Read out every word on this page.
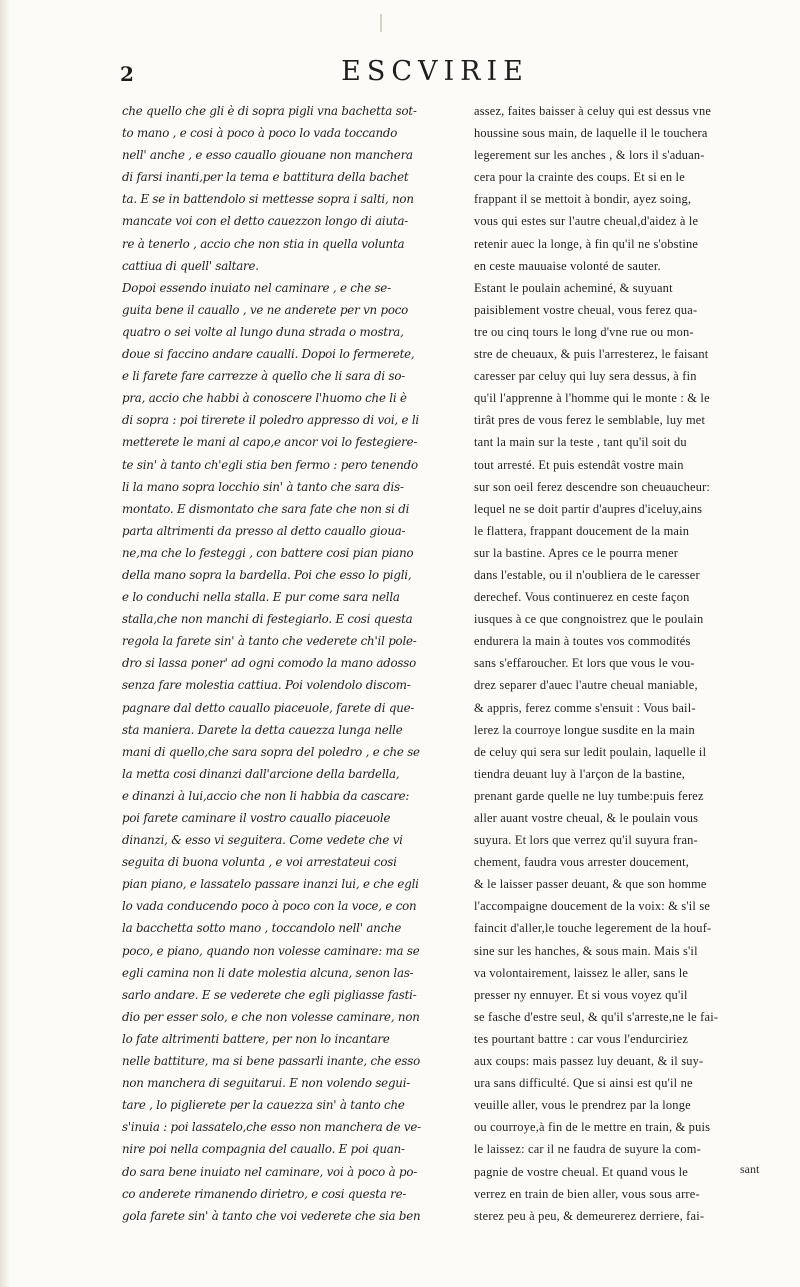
2	ESCVIRIE
che quello che gli è di sopra pigli vna bachetta sot-
to mano , e cosi à poco à poco lo vada toccando
nell' anche , e esso cauallo giouane non manchera
di farsi inanti,per la tema e battitura della bachet
ta. E se in battendolo si mettesse sopra i salti, non
mancate voi con el detto cauezzon longo di aiuta-
re à tenerlo , accio che non stia in quella volunta
cattiua di quell' saltare.
Dopoi essendo inuiato nel caminare , e che se-
guita bene il cauallo , ve ne anderete per vn poco
quatro o sei volte al lungo duna strada o mostra,
doue si faccino andare caualli. Dopoi lo fermerete,
e li farete fare carrezze à quello che li sara di so-
pra, accio che habbi à conoscere l'huomo che li è
di sopra : poi tirerete il poledro appresso di voi, e li
metterete le mani al capo,e ancor voi lo festegiere-
te sin' à tanto ch'egli stia ben fermo : pero tenendo
li la mano sopra locchio sin' à tanto che sara dis-
montato. E dismontato che sara fate che non si di
parta altrimenti da presso al detto cauallo gioua-
ne,ma che lo festeggi , con battere cosi pian piano
della mano sopra la bardella. Poi che esso lo pigli,
e lo conduchi nella stalla. E pur come sara nella
stalla,che non manchi di festegiarlo. E cosi questa
regola la farete sin' à tanto che vederete ch'il pole-
dro si lassa poner' ad ogni comodo la mano adosso
senza fare molestia cattiua. Poi volendolo discom-
pagnare dal detto cauallo piaceuole, farete di que-
sta maniera. Darete la detta cauezza lunga nelle
mani di quello,che sara sopra del poledro , e che se
la metta cosi dinanzi dall'arcione della bardella,
e dinanzi à lui,accio che non li habbia da cascare:
poi farete caminare il vostro cauallo piaceuole
dinanzi, & esso vi seguitera. Come vedete che vi
seguita di buona volunta , e voi arrestateui cosi
pian piano, e lassatelo passare inanzi lui, e che egli
lo vada conducendo poco à poco con la voce, e con
la bacchetta sotto mano , toccandolo nell' anche
poco, e piano, quando non volesse caminare: ma se
egli camina non li date molestia alcuna, senon las-
sarlo andare. E se vederete che egli pigliasse fasti-
dio per esser solo, e che non volesse caminare, non
lo fate altrimenti battere, per non lo incantare
nelle battiture, ma si bene passarli inante, che esso
non manchera di seguitarui. E non volendo segui-
tare , lo piglierete per la cauezza sin' à tanto che
s'inuia : poi lassatelo,che esso non manchera de ve-
nire poi nella compagnia del cauallo. E poi quan-
do sara bene inuiato nel caminare, voi à poco à po-
co anderete rimanendo dirietro, e cosi questa re-
gola farete sin' à tanto che voi vederete che sia ben
assez, faites baisser à celuy qui est dessus vne
houssine sous main, de laquelle il le touchera
legerement sur les anches , & lors il s'aduan-
cera pour la crainte des coups. Et si en le
frappant il se mettoit à bondir, ayez soing,
vous qui estes sur l'autre cheual,d'aidez à le
retenir auec la longe, à fin qu'il ne s'obstine
en ceste mauuaise volonté de sauter.
Estant le poulain acheminé, & suyuant
paisiblement vostre cheual, vous ferez qua-
tre ou cinq tours le long d'vne rue ou mon-
stre de cheuaux, & puis l'arresterez, le faisant
caresser par celuy qui luy sera dessus, à fin
qu'il l'apprenne à l'homme qui le monte : & le
tirât pres de vous ferez le semblable, luy met
tant la main sur la teste , tant qu'il soit du
tout arresté. Et puis estendât vostre main
sur son oeil ferez descendre son cheuaucheur:
lequel ne se doit partir d'aupres d'iceluy,ains
le flattera, frappant doucement de la main
sur la bastine. Apres ce le pourra mener
dans l'estable, ou il n'oubliera de le caresser
derechef. Vous continuerez en ceste façon
iusques à ce que congnoistrez que le poulain
endurera la main à toutes vos commodités
sans s'effaroucher. Et lors que vous le vou-
drez separer d'auec l'autre cheual maniable,
& appris, ferez comme s'ensuit : Vous bail-
lerez la courroye longue susdite en la main
de celuy qui sera sur ledit poulain, laquelle il
tiendra deuant luy à l'arçon de la bastine,
prenant garde quelle ne luy tumbe:puis ferez
aller auant vostre cheual, & le poulain vous
suyura. Et lors que verrez qu'il suyura fran-
chement, faudra vous arrester doucement,
& le laisser passer deuant, & que son homme
l'accompaigne doucement de la voix: & s'il se
faincit d'aller,le touche legerement de la houf-
sine sur les hanches, & sous main. Mais s'il
va volontairement, laissez le aller, sans le
presser ny ennuyer. Et si vous voyez qu'il
se fasche d'estre seul, & qu'il s'arreste,ne le fai-
tes pourtant battre : car vous l'endurciriez
aux coups: mais passez luy deuant, & il suy-
ura sans difficulté. Que si ainsi est qu'il ne
veuille aller, vous le prendrez par la longe
ou courroye,à fin de le mettre en train, & puis
le laissez: car il ne faudra de suyure la com-
pagnie de vostre cheual. Et quand vous le
verrez en train de bien aller, vous sous arre-
sterez peu à peu, & demeurerez derriere, fai-
sant
